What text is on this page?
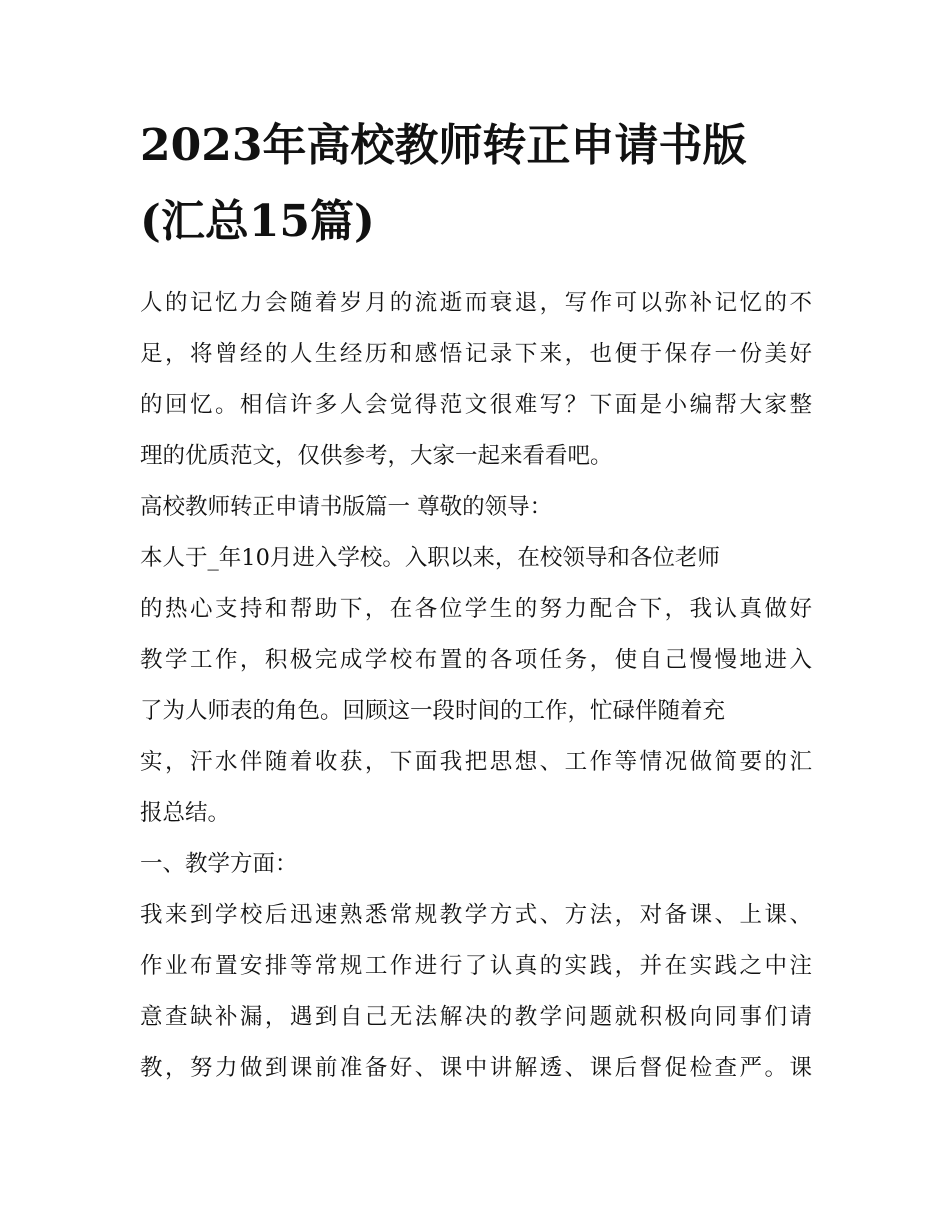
2023年高校教师转正申请书版
(汇总15篇)
人的记忆力会随着岁月的流逝而衰退，写作可以弥补记忆的不
足，将曾经的人生经历和感悟记录下来，也便于保存一份美好
的回忆。相信许多人会觉得范文很难写？下面是小编帮大家整
理的优质范文，仅供参考，大家一起来看看吧。
高校教师转正申请书版篇一 尊敬的领导：
本人于_年10月进入学校。入职以来，在校领导和各位老师
的热心支持和帮助下，在各位学生的努力配合下，我认真做好
教学工作，积极完成学校布置的各项任务，使自己慢慢地进入
了为人师表的角色。回顾这一段时间的工作，忙碌伴随着充
实，汗水伴随着收获，下面我把思想、工作等情况做简要的汇
报总结。
一、教学方面：
我来到学校后迅速熟悉常规教学方式、方法，对备课、上课、
作业布置安排等常规工作进行了认真的实践，并在实践之中注
意查缺补漏，遇到自己无法解决的教学问题就积极向同事们请
教，努力做到课前准备好、课中讲解透、课后督促检查严。课
